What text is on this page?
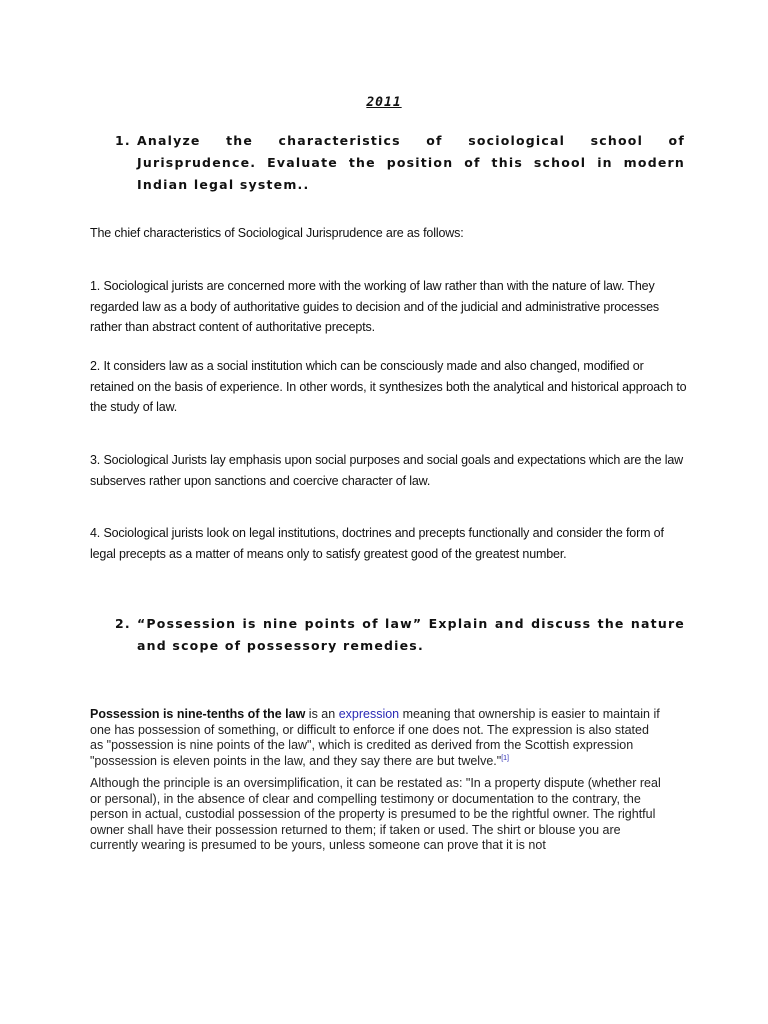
2011
1. Analyze the characteristics of sociological school of Jurisprudence. Evaluate the position of this school in modern Indian legal system..
The chief characteristics of Sociological Jurisprudence are as follows:
1. Sociological jurists are concerned more with the working of law rather than with the nature of law. They regarded law as a body of authoritative guides to decision and of the judicial and administrative processes rather than abstract content of authoritative precepts.
2. It considers law as a social institution which can be consciously made and also changed, modified or retained on the basis of experience. In other words, it synthesizes both the analytical and historical approach to the study of law.
3. Sociological Jurists lay emphasis upon social purposes and social goals and expectations which are the law subserves rather upon sanctions and coercive character of law.
4. Sociological jurists look on legal institutions, doctrines and precepts functionally and consider the form of legal precepts as a matter of means only to satisfy greatest good of the greatest number.
2. “Possession is nine points of law” Explain and discuss the nature and scope of possessory remedies.
Possession is nine-tenths of the law is an expression meaning that ownership is easier to maintain if one has possession of something, or difficult to enforce if one does not. The expression is also stated as "possession is nine points of the law", which is credited as derived from the Scottish expression "possession is eleven points in the law, and they say there are but twelve."[1]
Although the principle is an oversimplification, it can be restated as: "In a property dispute (whether real or personal), in the absence of clear and compelling testimony or documentation to the contrary, the person in actual, custodial possession of the property is presumed to be the rightful owner. The rightful owner shall have their possession returned to them; if taken or used. The shirt or blouse you are currently wearing is presumed to be yours, unless someone can prove that it is not
